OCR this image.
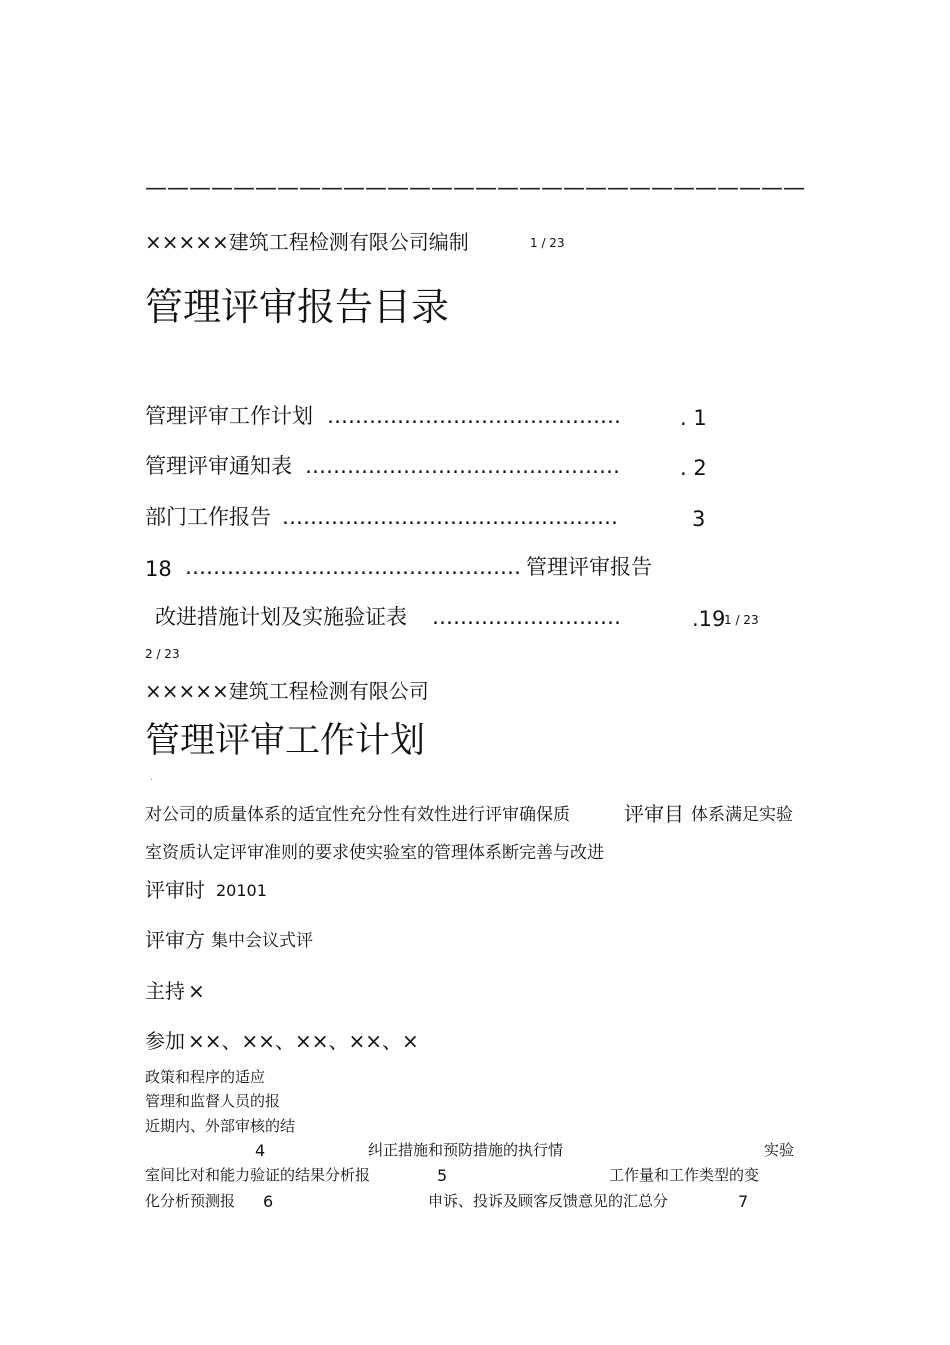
——————————————————————————————
×××××建筑工程检测有限公司编制	1 / 23
管理评审报告目录
管理评审工作计划 ……………………………………	. 1
管理评审通知表 ………………………………………	. 2
部门工作报告 …………………………………………	3
18 ………………………………………… 管理评审报告
改进措施计划及实施验证表 ………………………	.19
1 / 23
2 / 23
×××××建筑工程检测有限公司
管理评审工作计划
·
对公司的质量体系的适宜性充分性有效性进行评审确保质	评审目 体系满足实验
室资质认定评审准则的要求使实验室的管理体系断完善与改进
评审时 20101
评审方 集中会议式评
主持 ×
参加 ××、××、××、××、×
政策和程序的适应
管理和监督人员的报
近期内、外部审核的结
4	纠正措施和预防措施的执行情	实验
室间比对和能力验证的结果分析报	5	工作量和工作类型的变
化分析预测报 6	申诉、投诉及顾客反馈意见的汇总分	7
